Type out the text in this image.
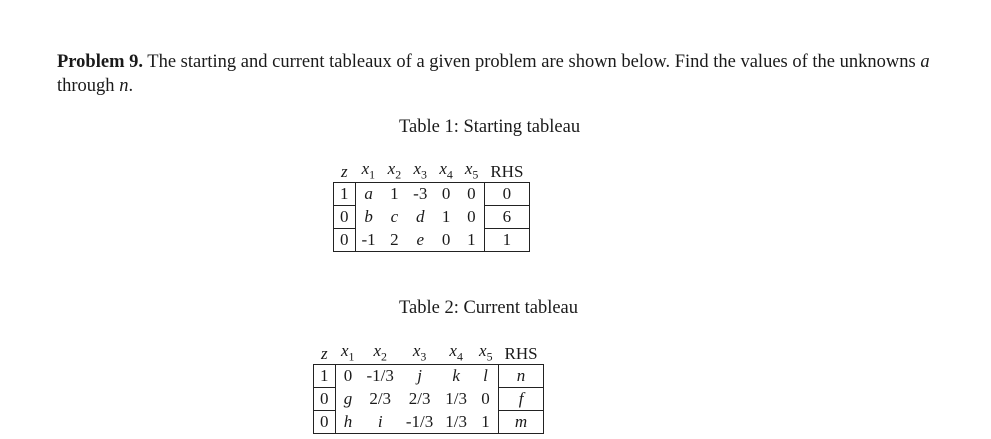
Problem 9. The starting and current tableaux of a given problem are shown below. Find the values of the unknowns a through n.
Table 1: Starting tableau
z	$x_1$	$x_2$	$x_3$	$x_4$	$x_5$	RHS
1	a	1	-3	0	0	0
0	b	c	d	1	0	6
0	-1	2	e	0	1	1
Table 2: Current tableau
z	$x_1$	$x_2$	$x_3$	$x_4$	$x_5$	RHS
1	0	-1/3	j	k	l	n
0	g	2/3	2/3	1/3	0	f
0	h	i	-1/3	1/3	1	m
